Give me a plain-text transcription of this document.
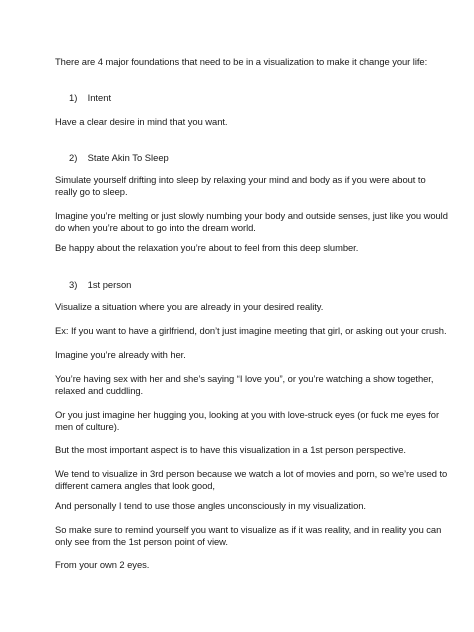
There are 4 major foundations that need to be in a visualization to make it change your life:
1) Intent
Have a clear desire in mind that you want.
2) State Akin To Sleep
Simulate yourself drifting into sleep by relaxing your mind and body as if you were about to
really go to sleep.
Imagine you’re melting or just slowly numbing your body and outside senses, just like you would
do when you’re about to go into the dream world.
Be happy about the relaxation you’re about to feel from this deep slumber.
3) 1st person
Visualize a situation where you are already in your desired reality.
Ex: If you want to have a girlfriend, don’t just imagine meeting that girl, or asking out your crush.
Imagine you’re already with her.
You’re having sex with her and she’s saying “I love you”, or you’re watching a show together,
relaxed and cuddling.
Or you just imagine her hugging you, looking at you with love-struck eyes (or fuck me eyes for
men of culture).
But the most important aspect is to have this visualization in a 1st person perspective.
We tend to visualize in 3rd person because we watch a lot of movies and porn, so we’re used to
different camera angles that look good,
And personally I tend to use those angles unconsciously in my visualization.
So make sure to remind yourself you want to visualize as if it was reality, and in reality you can
only see from the 1st person point of view.
From your own 2 eyes.
